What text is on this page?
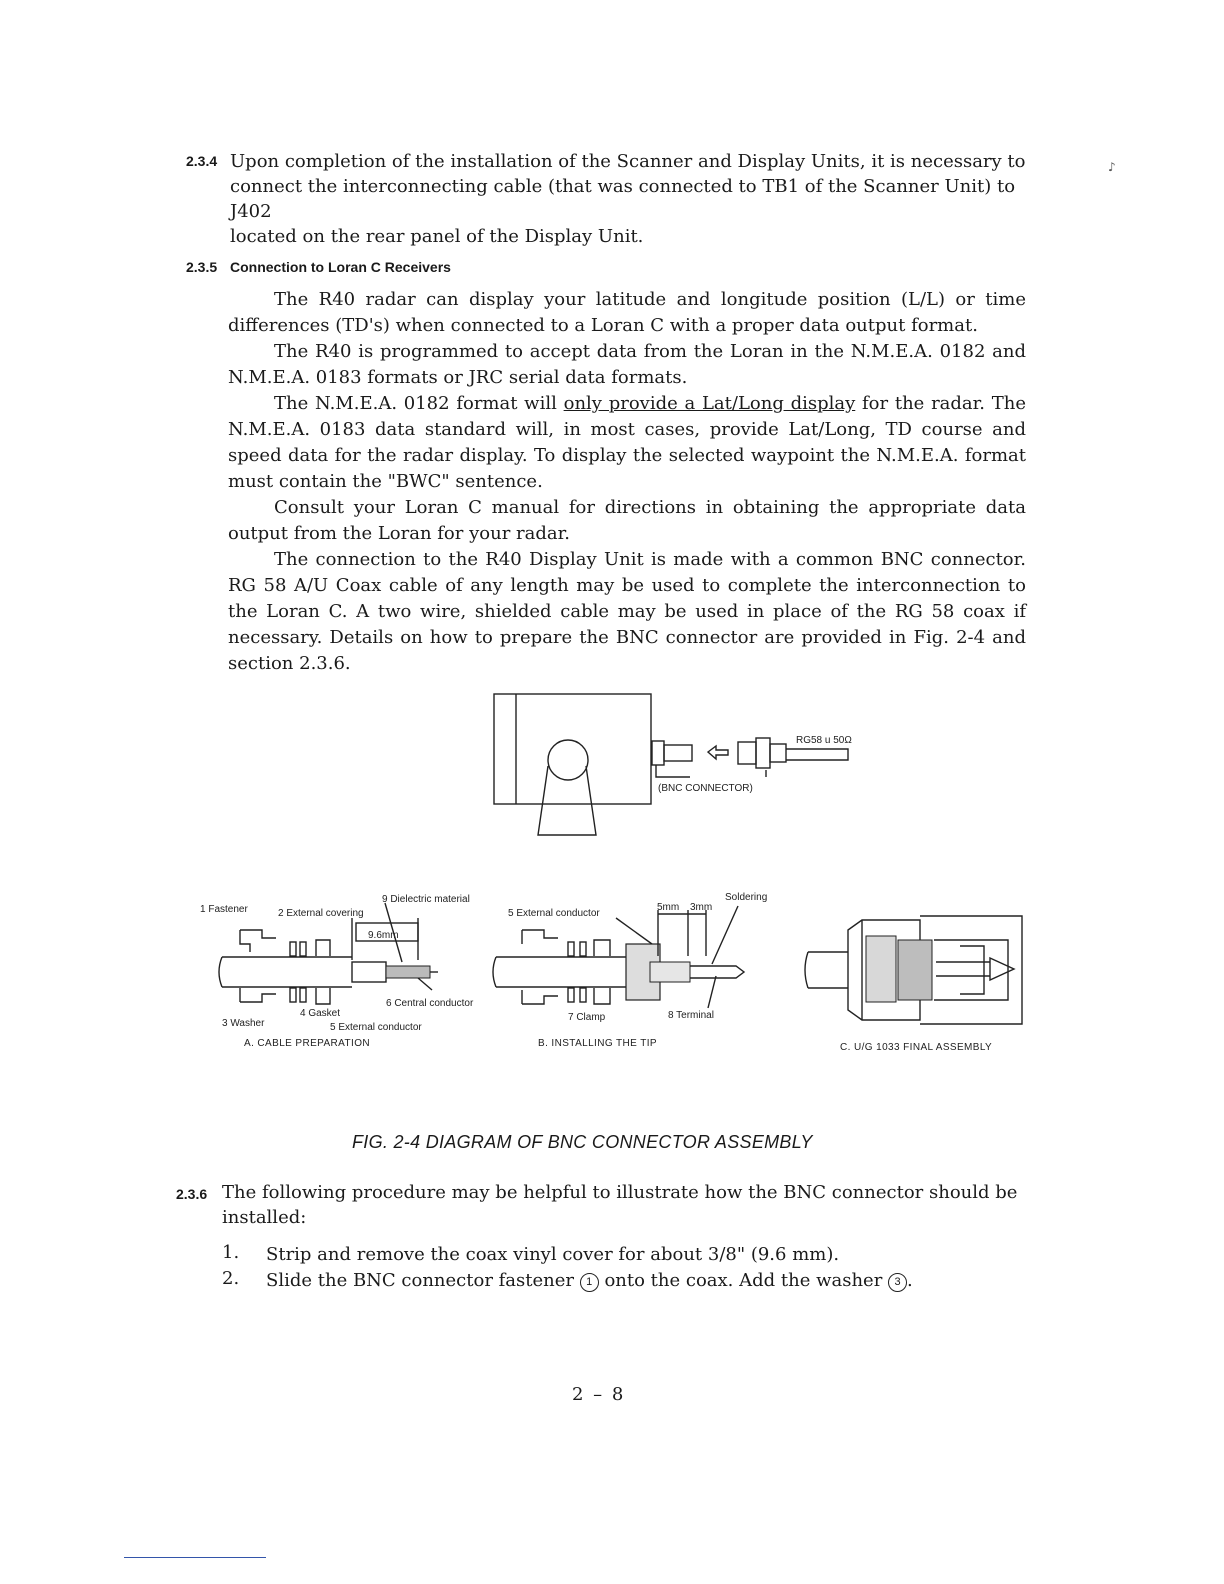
2.3.4 Upon completion of the installation of the Scanner and Display Units, it is necessary to
connect the interconnecting cable (that was connected to TB1 of the Scanner Unit) to J402
located on the rear panel of the Display Unit.
♪
2.3.5 Connection to Loran C Receivers

The R40 radar can display your latitude and longitude position (L/L) or time differences (TD's) when connected to a Loran C with a proper data output format.

The R40 is programmed to accept data from the Loran in the N.M.E.A. 0182 and N.M.E.A. 0183 formats or JRC serial data formats.

The N.M.E.A. 0182 format will only provide a Lat/Long display for the radar. The N.M.E.A. 0183 data standard will, in most cases, provide Lat/Long, TD course and speed data for the radar display. To display the selected waypoint the N.M.E.A. format must contain the "BWC" sentence.

Consult your Loran C manual for directions in obtaining the appropriate data output from the Loran for your radar.

The connection to the R40 Display Unit is made with a common BNC connector. RG 58 A/U Coax cable of any length may be used to complete the interconnection to the Loran C. A two wire, shielded cable may be used in place of the RG 58 coax if necessary. Details on how to prepare the BNC connector are provided in Fig. 2-4 and section 2.3.6.

RG58 u 50Ω
(BNC CONNECTOR)
1 Fastener	2 External covering
9 Dielectric material
9.6mm
6 Central conductor
4 Gasket
3 Washer	5 External conductor
A. CABLE PREPARATION
5 External conductor
5mm 3mm
Soldering
7 Clamp	8 Terminal
B. INSTALLING THE TIP	C. U/G 1033 FINAL ASSEMBLY
FIG. 2-4 DIAGRAM OF BNC CONNECTOR ASSEMBLY
2.3.6 The following procedure may be helpful to illustrate how the BNC connector should be
installed:
1. Strip and remove the coax vinyl cover for about 3/8" (9.6 mm).
2. Slide the BNC connector fastener 1 onto the coax. Add the washer 3 .
2 – 8
